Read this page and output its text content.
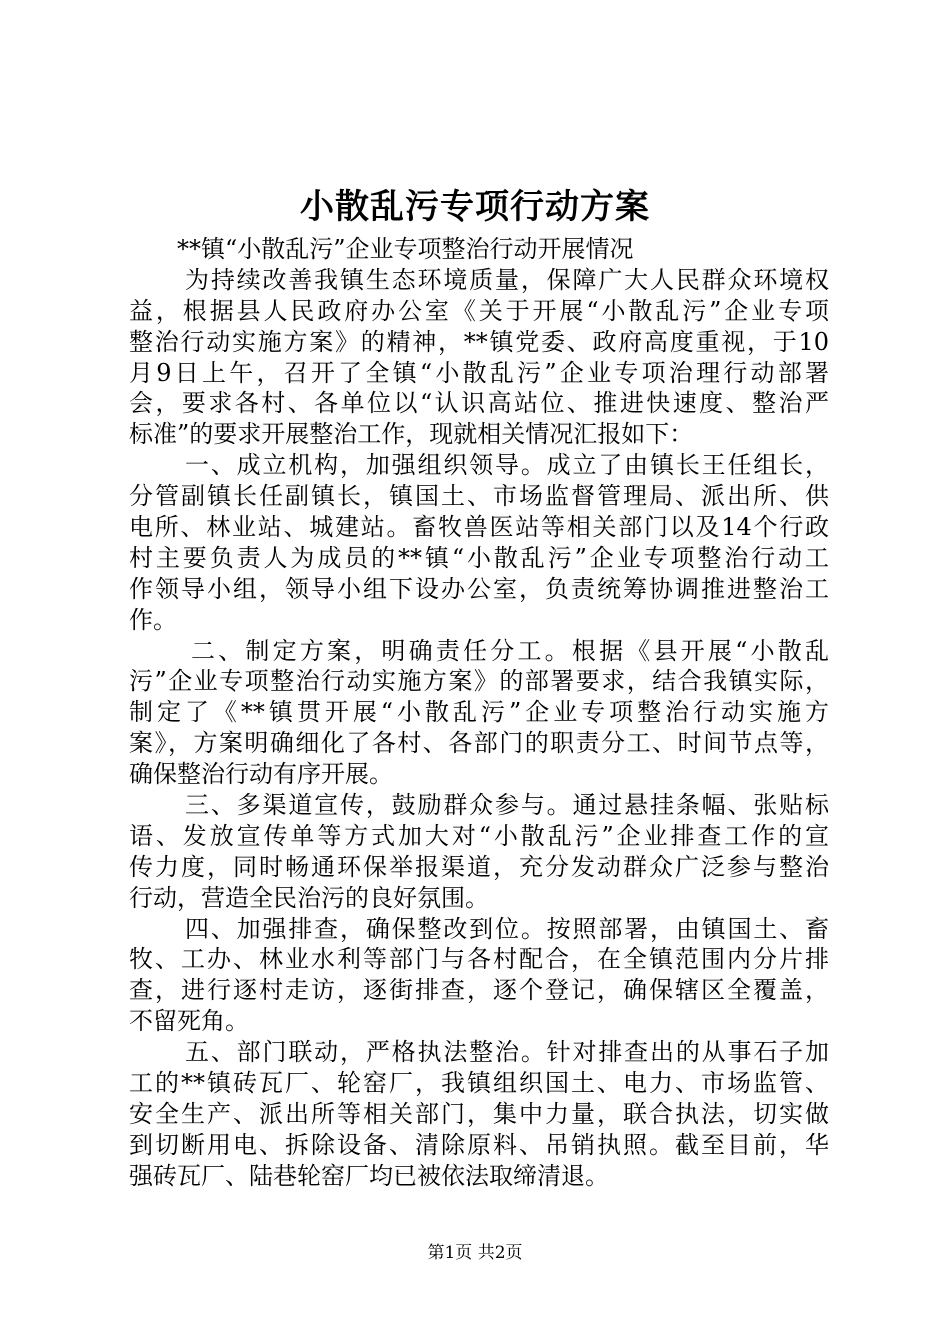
小散乱污专项行动方案
**镇“小散乱污”企业专项整治行动开展情况
为持续改善我镇生态环境质量，保障广大人民群众环境权
益，根据县人民政府办公室《关于开展“小散乱污”企业专项
整治行动实施方案》的精神，**镇党委、政府高度重视，于10
月9日上午，召开了全镇“小散乱污”企业专项治理行动部署
会，要求各村、各单位以“认识高站位、推进快速度、整治严
标准”的要求开展整治工作，现就相关情况汇报如下：
一、成立机构，加强组织领导。成立了由镇长王任组长，
分管副镇长任副镇长，镇国土、市场监督管理局、派出所、供
电所、林业站、城建站。畜牧兽医站等相关部门以及14个行政
村主要负责人为成员的**镇“小散乱污”企业专项整治行动工
作领导小组，领导小组下设办公室，负责统筹协调推进整治工
作。
二、制定方案，明确责任分工。根据《县开展“小散乱
污”企业专项整治行动实施方案》的部署要求，结合我镇实际，
制定了《**镇贯开展“小散乱污”企业专项整治行动实施方
案》，方案明确细化了各村、各部门的职责分工、时间节点等，
确保整治行动有序开展。
三、多渠道宣传，鼓励群众参与。通过悬挂条幅、张贴标
语、发放宣传单等方式加大对“小散乱污”企业排查工作的宣
传力度，同时畅通环保举报渠道，充分发动群众广泛参与整治
行动，营造全民治污的良好氛围。
四、加强排查，确保整改到位。按照部署，由镇国土、畜
牧、工办、林业水利等部门与各村配合，在全镇范围内分片排
查，进行逐村走访，逐街排查，逐个登记，确保辖区全覆盖，
不留死角。
五、部门联动，严格执法整治。针对排查出的从事石子加
工的**镇砖瓦厂、轮窑厂，我镇组织国土、电力、市场监管、
安全生产、派出所等相关部门，集中力量，联合执法，切实做
到切断用电、拆除设备、清除原料、吊销执照。截至目前，华
强砖瓦厂、陆巷轮窑厂均已被依法取缔清退。
第1页 共2页
